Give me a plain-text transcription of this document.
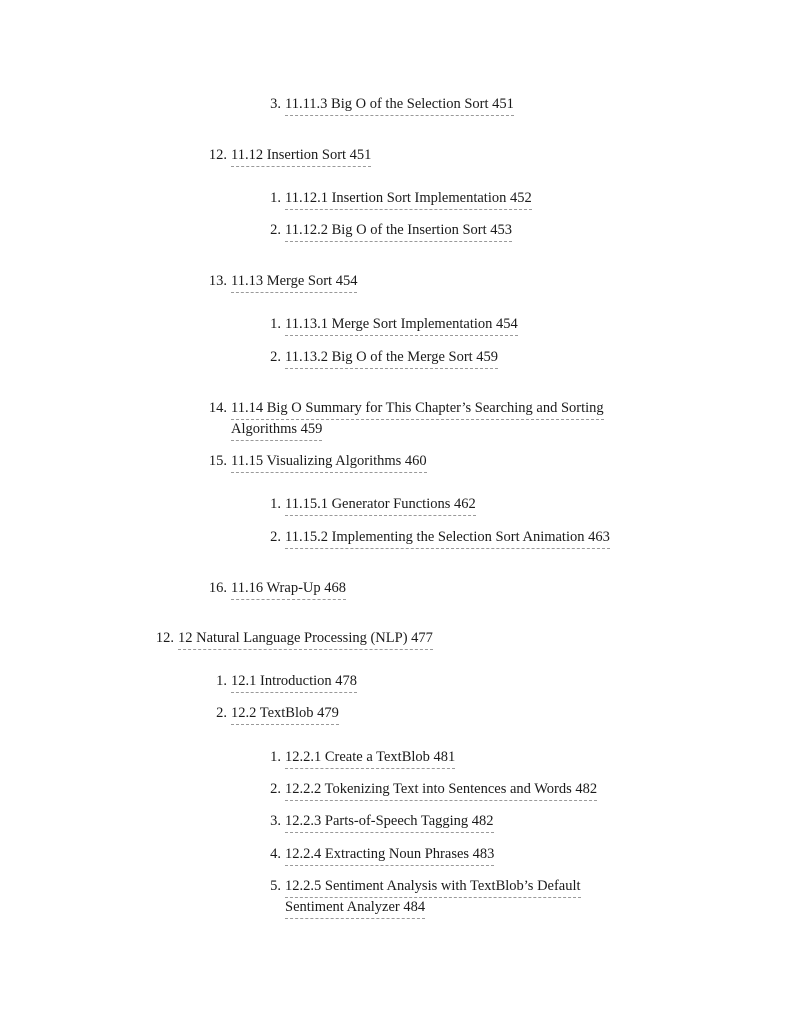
3. 11.11.3 Big O of the Selection Sort 451
12. 11.12 Insertion Sort 451
1. 11.12.1 Insertion Sort Implementation 452
2. 11.12.2 Big O of the Insertion Sort 453
13. 11.13 Merge Sort 454
1. 11.13.1 Merge Sort Implementation 454
2. 11.13.2 Big O of the Merge Sort 459
14. 11.14 Big O Summary for This Chapter’s Searching and Sorting
Algorithms 459
15. 11.15 Visualizing Algorithms 460
1. 11.15.1 Generator Functions 462
2. 11.15.2 Implementing the Selection Sort Animation 463
16. 11.16 Wrap-Up 468
12. 12 Natural Language Processing (NLP) 477
1. 12.1 Introduction 478
2. 12.2 TextBlob 479
1. 12.2.1 Create a TextBlob 481
2. 12.2.2 Tokenizing Text into Sentences and Words 482
3. 12.2.3 Parts-of-Speech Tagging 482
4. 12.2.4 Extracting Noun Phrases 483
5. 12.2.5 Sentiment Analysis with TextBlob’s Default
Sentiment Analyzer 484
